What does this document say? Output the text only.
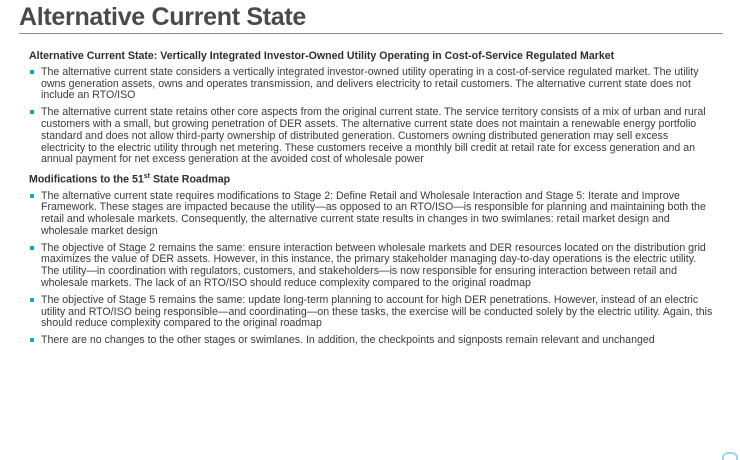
Alternative Current State
Alternative Current State: Vertically Integrated Investor-Owned Utility Operating in Cost-of-Service Regulated Market
The alternative current state considers a vertically integrated investor-owned utility operating in a cost-of-service regulated market. The utility owns generation assets, owns and operates transmission, and delivers electricity to retail customers. The alternative current state does not include an RTO/ISO
The alternative current state retains other core aspects from the original current state. The service territory consists of a mix of urban and rural customers with a small, but growing penetration of DER assets. The alternative current state does not maintain a renewable energy portfolio standard and does not allow third-party ownership of distributed generation. Customers owning distributed generation may sell excess electricity to the electric utility through net metering. These customers receive a monthly bill credit at retail rate for excess generation and an annual payment for net excess generation at the avoided cost of wholesale power
Modifications to the 51st State Roadmap
The alternative current state requires modifications to Stage 2: Define Retail and Wholesale Interaction and Stage 5: Iterate and Improve Framework. These stages are impacted because the utility—as opposed to an RTO/ISO—is responsible for planning and maintaining both the retail and wholesale markets. Consequently, the alternative current state results in changes in two swimlanes: retail market design and wholesale market design
The objective of Stage 2 remains the same: ensure interaction between wholesale markets and DER resources located on the distribution grid maximizes the value of DER assets. However, in this instance, the primary stakeholder managing day-to-day operations is the electric utility. The utility—in coordination with regulators, customers, and stakeholders—is now responsible for ensuring interaction between retail and wholesale markets. The lack of an RTO/ISO should reduce complexity compared to the original roadmap
The objective of Stage 5 remains the same: update long-term planning to account for high DER penetrations. However, instead of an electric utility and RTO/ISO being responsible—and coordinating—on these tasks, the exercise will be conducted solely by the electric utility. Again, this should reduce complexity compared to the original roadmap
There are no changes to the other stages or swimlanes. In addition, the checkpoints and signposts remain relevant and unchanged
